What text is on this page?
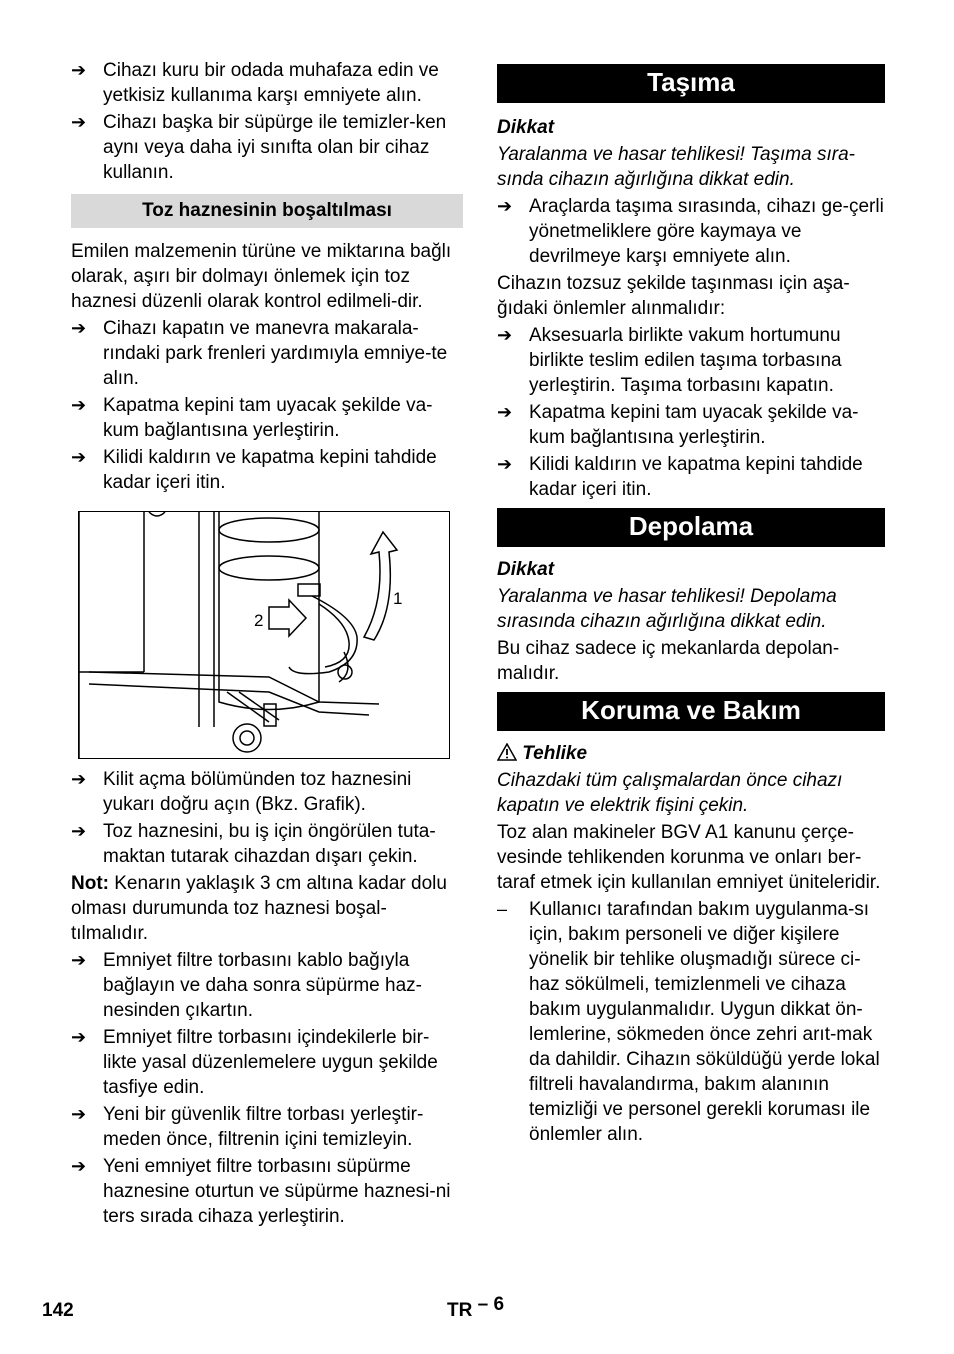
➔ Cihazı kuru bir odada muhafaza edin ve yetkisiz kullanıma karşı emniyete alın.
➔ Cihazı başka bir süpürge ile temizler-ken aynı veya daha iyi sınıfta olan bir cihaz kullanın.
Toz haznesinin boşaltılması

Emilen malzemenin türüne ve miktarına bağlı olarak, aşırı bir dolmayı önlemek için toz haznesi düzenli olarak kontrol edilmeli-dir.

➔ Cihazı kapatın ve manevra makarala-rındaki park frenleri yardımıyla emniye-te alın.
➔ Kapatma kepini tam uyacak şekilde va-kum bağlantısına yerleştirin.
➔ Kilidi kaldırın ve kapatma kepini tahdide kadar içeri itin.
1
2
➔ Kilit açma bölümünden toz haznesini yukarı doğru açın (Bkz. Grafik).
➔ Toz haznesini, bu iş için öngörülen tuta-maktan tutarak cihazdan dışarı çekin.

Not: Kenarın yaklaşık 3 cm altına kadar dolu olması durumunda toz haznesi boşal-tılmalıdır.

➔ Emniyet filtre torbasını kablo bağıyla bağlayın ve daha sonra süpürme haz-nesinden çıkartın.
➔ Emniyet filtre torbasını içindekilerle bir-likte yasal düzenlemelere uygun şekilde tasfiye edin.
➔ Yeni bir güvenlik filtre torbası yerleştir-meden önce, filtrenin içini temizleyin.
➔ Yeni emniyet filtre torbasını süpürme haznesine oturtun ve süpürme haznesi-ni ters sırada cihaza yerleştirin.
Taşıma

Dikkat

Yaralanma ve hasar tehlikesi! Taşıma sıra-sında cihazın ağırlığına dikkat edin.

➔ Araçlarda taşıma sırasında, cihazı ge-çerli yönetmeliklere göre kaymaya ve devrilmeye karşı emniyete alın.

Cihazın tozsuz şekilde taşınması için aşa-ğıdaki önlemler alınmalıdır:

➔ Aksesuarla birlikte vakum hortumunu birlikte teslim edilen taşıma torbasına yerleştirin. Taşıma torbasını kapatın.
➔ Kapatma kepini tam uyacak şekilde va-kum bağlantısına yerleştirin.
➔ Kilidi kaldırın ve kapatma kepini tahdide kadar içeri itin.
Depolama

Dikkat

Yaralanma ve hasar tehlikesi! Depolama sırasında cihazın ağırlığına dikkat edin.

Bu cihaz sadece iç mekanlarda depolan-malıdır.

Koruma ve Bakım

Tehlike

Cihazdaki tüm çalışmalardan önce cihazı kapatın ve elektrik fişini çekin.

Toz alan makineler BGV A1 kanunu çerçe-vesinde tehlikenden korunma ve onları ber-taraf etmek için kullanılan emniyet üniteleridir.

–	Kullanıcı tarafından bakım uygulanma-sı için, bakım personeli ve diğer kişilere yönelik bir tehlike oluşmadığı sürece ci-haz sökülmeli, temizlenmeli ve cihaza bakım uygulanmalıdır. Uygun dikkat ön-lemlerine, sökmeden önce zehri arıt-mak da dahildir. Cihazın söküldüğü yerde lokal filtreli havalandırma, bakım alanının temizliği ve personel gerekli koruması ile önlemler alın.
142	TR – 6
